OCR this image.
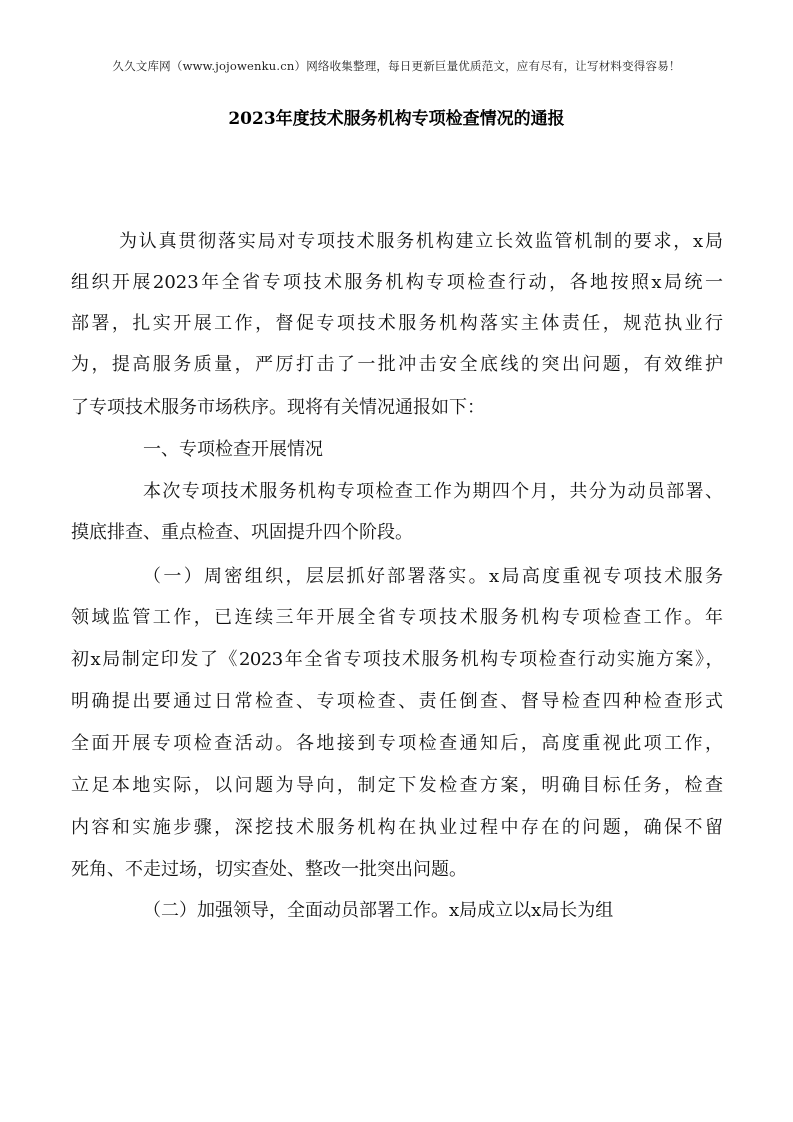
久久文库网（www.jojowenku.cn）网络收集整理，每日更新巨量优质范文，应有尽有，让写材料变得容易！
2023年度技术服务机构专项检查情况的通报
为认真贯彻落实局对专项技术服务机构建立长效监管机制的要求，x局
组织开展2023年全省专项技术服务机构专项检查行动，各地按照x局统一
部署，扎实开展工作，督促专项技术服务机构落实主体责任，规范执业行
为，提高服务质量，严厉打击了一批冲击安全底线的突出问题，有效维护
了专项技术服务市场秩序。现将有关情况通报如下：
一、专项检查开展情况
本次专项技术服务机构专项检查工作为期四个月，共分为动员部署、
摸底排查、重点检查、巩固提升四个阶段。
（一）周密组织，层层抓好部署落实。x局高度重视专项技术服务
领域监管工作，已连续三年开展全省专项技术服务机构专项检查工作。年
初x局制定印发了《2023年全省专项技术服务机构专项检查行动实施方案》，
明确提出要通过日常检查、专项检查、责任倒查、督导检查四种检查形式
全面开展专项检查活动。各地接到专项检查通知后，高度重视此项工作，
立足本地实际，以问题为导向，制定下发检查方案，明确目标任务，检查
内容和实施步骤，深挖技术服务机构在执业过程中存在的问题，确保不留
死角、不走过场，切实查处、整改一批突出问题。
（二）加强领导，全面动员部署工作。x局成立以x局长为组
